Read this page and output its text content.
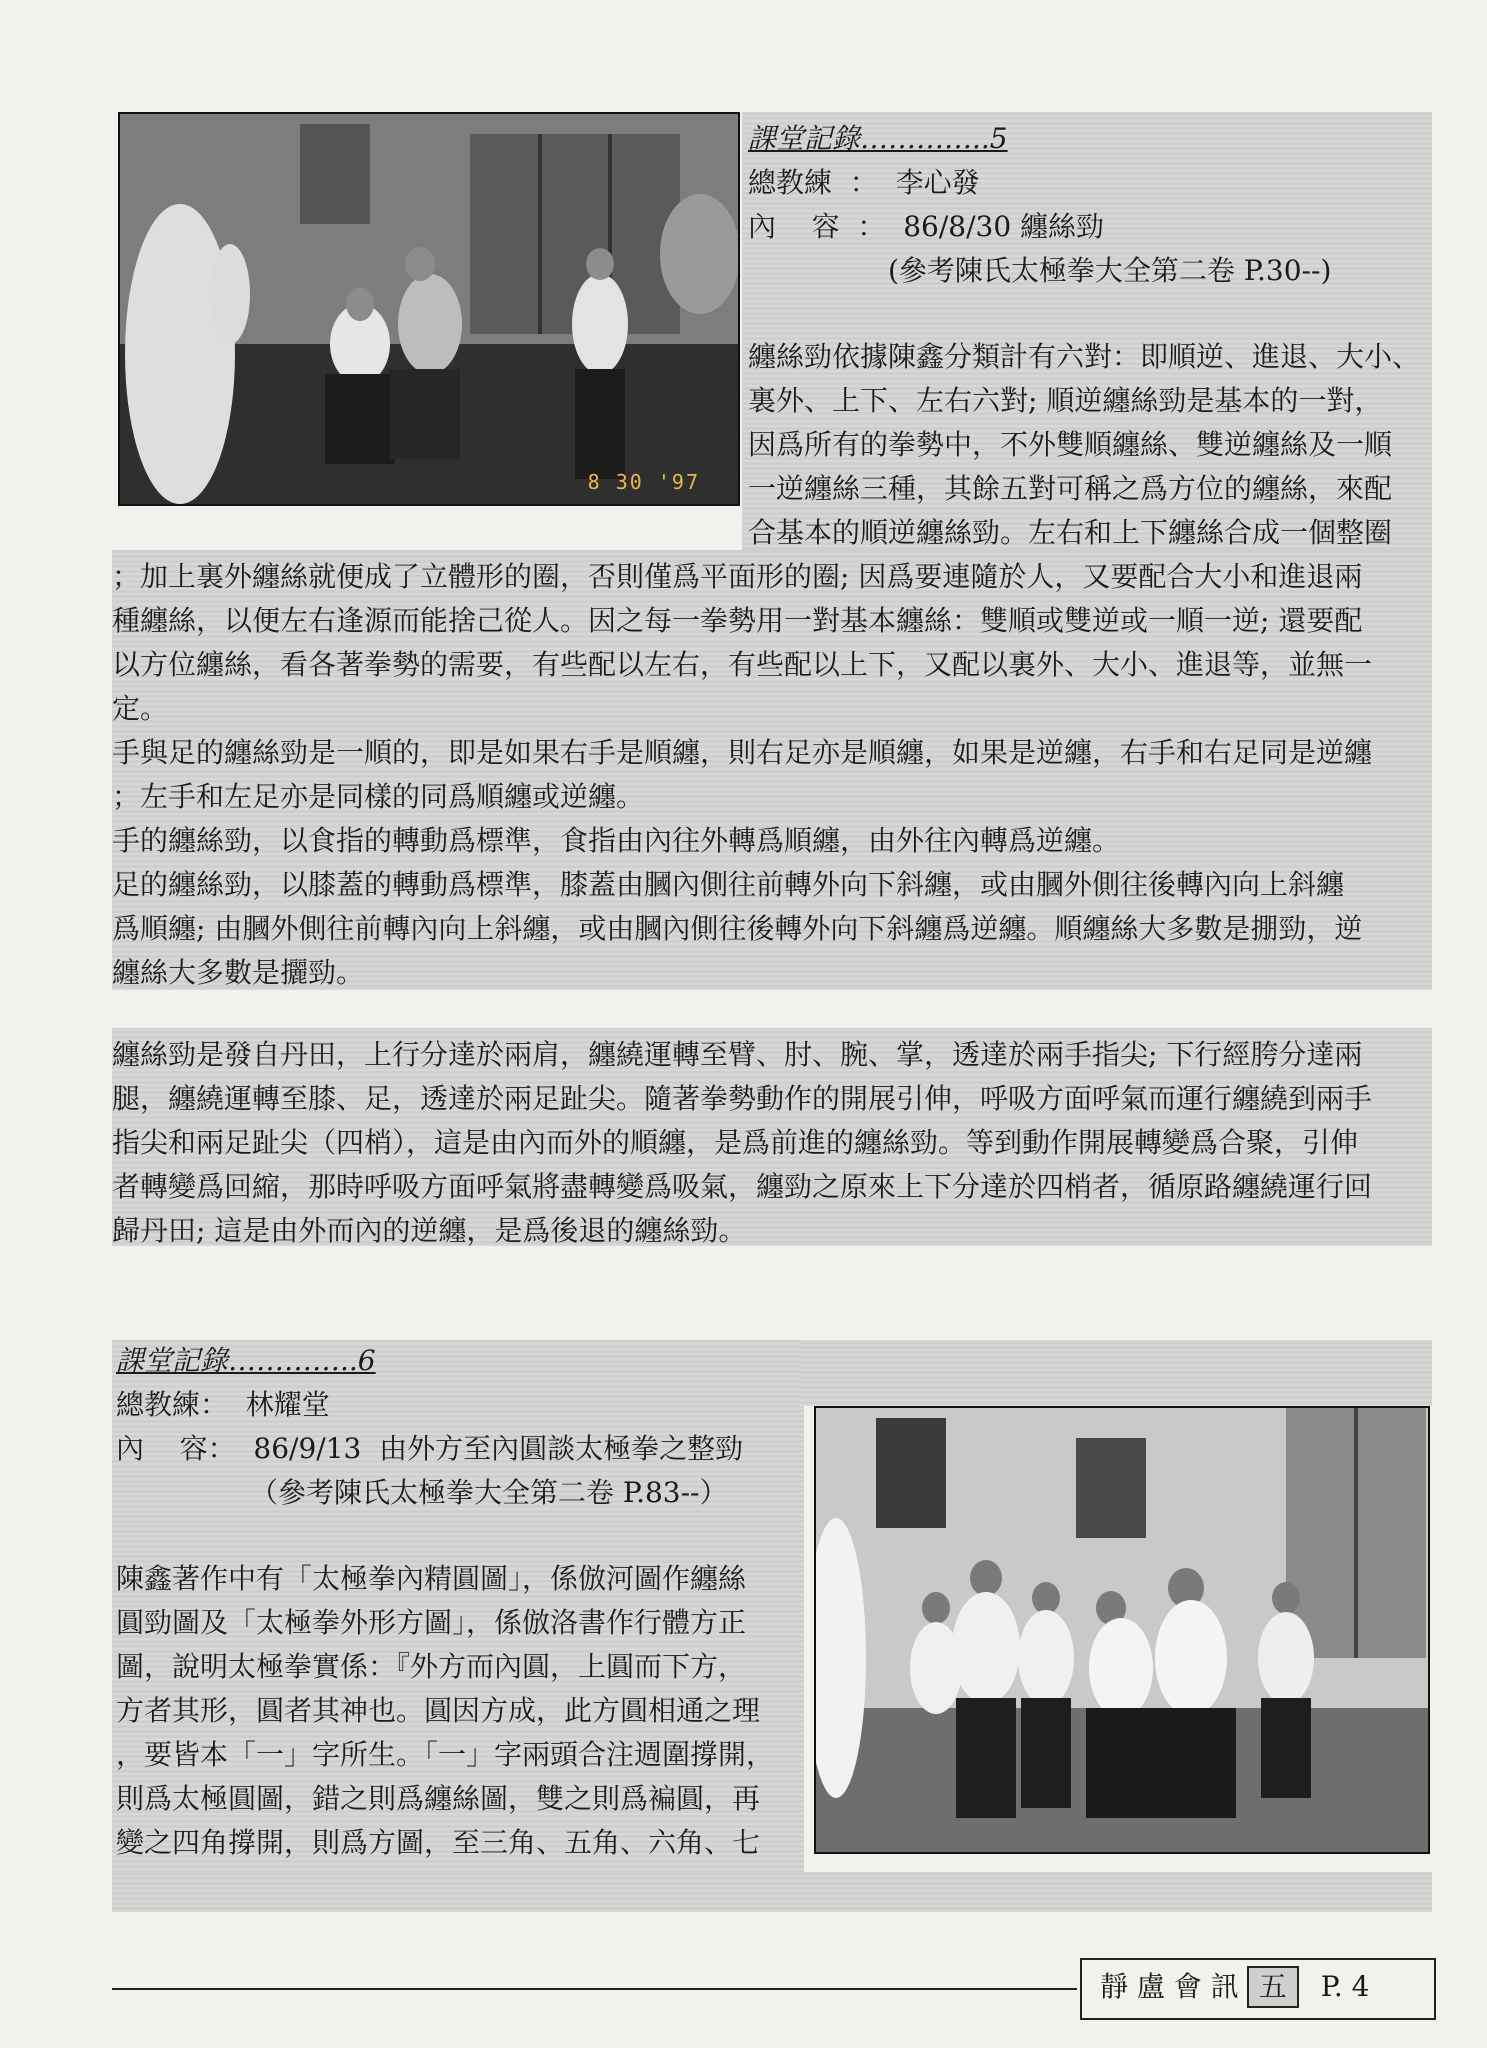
8 30 '97
課堂記錄…………..5
總教練  ：  李心發
內    容  ：  86/8/30 纏絲勁
(參考陳氏太極拳大全第二卷 P.30--)
纏絲勁依據陳鑫分類計有六對：即順逆、進退、大小、
裏外、上下、左右六對; 順逆纏絲勁是基本的一對，
因爲所有的拳勢中，不外雙順纏絲、雙逆纏絲及一順
一逆纏絲三種，其餘五對可稱之爲方位的纏絲，來配
合基本的順逆纏絲勁。左右和上下纏絲合成一個整圈
；加上裏外纏絲就便成了立體形的圈，否則僅爲平面形的圈; 因爲要連隨於人，又要配合大小和進退兩
種纏絲，以便左右逢源而能捨己從人。因之每一拳勢用一對基本纏絲：雙順或雙逆或一順一逆; 還要配
以方位纏絲，看各著拳勢的需要，有些配以左右，有些配以上下，又配以裏外、大小、進退等，並無一
定。
手與足的纏絲勁是一順的，即是如果右手是順纏，則右足亦是順纏，如果是逆纏，右手和右足同是逆纏
；左手和左足亦是同樣的同爲順纏或逆纏。
手的纏絲勁，以食指的轉動爲標準，食指由內往外轉爲順纏，由外往內轉爲逆纏。
足的纏絲勁，以膝蓋的轉動爲標準，膝蓋由膕內側往前轉外向下斜纏，或由膕外側往後轉內向上斜纏
爲順纏; 由膕外側往前轉內向上斜纏，或由膕內側往後轉外向下斜纏爲逆纏。順纏絲大多數是掤勁，逆
纏絲大多數是攦勁。
纏絲勁是發自丹田，上行分達於兩肩，纏繞運轉至臂、肘、腕、掌，透達於兩手指尖; 下行經胯分達兩
腿，纏繞運轉至膝、足，透達於兩足趾尖。隨著拳勢動作的開展引伸，呼吸方面呼氣而運行纏繞到兩手
指尖和兩足趾尖（四梢），這是由內而外的順纏，是爲前進的纏絲勁。等到動作開展轉變爲合聚，引伸
者轉變爲回縮，那時呼吸方面呼氣將盡轉變爲吸氣，纏勁之原來上下分達於四梢者，循原路纏繞運行回
歸丹田; 這是由外而內的逆纏，是爲後退的纏絲勁。
課堂記錄…………..6
總教練：  林耀堂
內    容：  86/9/13  由外方至內圓談太極拳之整勁
（參考陳氏太極拳大全第二卷 P.83--）
陳鑫著作中有「太極拳內精圓圖」，係倣河圖作纏絲
圓勁圖及「太極拳外形方圖」，係倣洛書作行體方正
圖，說明太極拳實係：『外方而內圓，上圓而下方，
方者其形，圓者其神也。圓因方成，此方圓相通之理
，要皆本「一」字所生。「一」字兩頭合注週圍撐開，
則爲太極圓圖，錯之則爲纏絲圖，雙之則爲褊圓，再
變之四角撐開，則爲方圖，至三角、五角、六角、七
靜 盧 會 訊 五 P. 4
